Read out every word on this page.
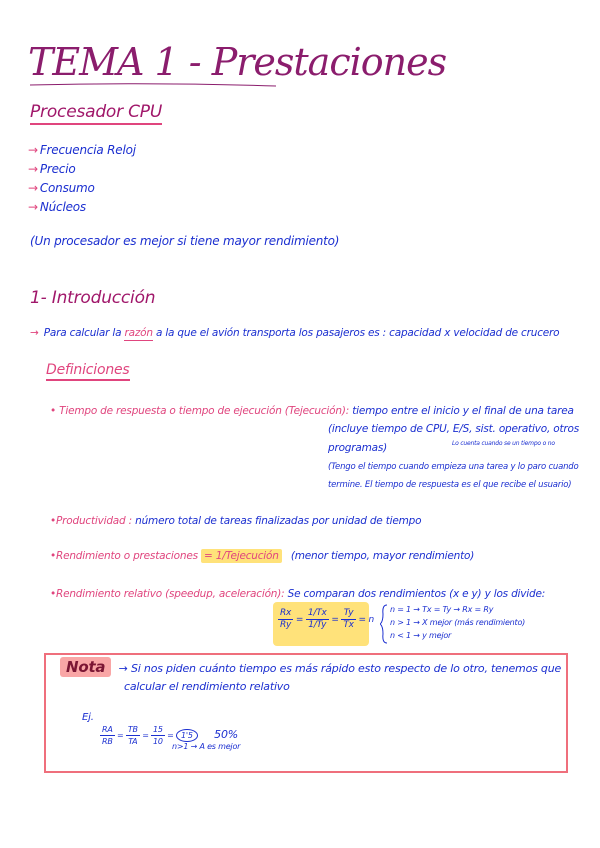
TEMA 1 - Prestaciones
Procesador CPU
→ Frecuencia Reloj
→ Precio
→ Consumo
→ Núcleos
(Un procesador es mejor si tiene mayor rendimiento)
1- Introducción
→ Para calcular la razón a la que el avión transporta los pasajeros es : capacidad x velocidad de crucero
Definiciones
• Tiempo de respuesta o tiempo de ejecución (Tejecución): tiempo entre el inicio y el final de una tarea
(incluye tiempo de CPU, E/S, sist. operativo, otros
programas)	Lo cuenta cuando se un tiempo o no
(Tengo el tiempo cuando empieza una tarea y lo paro cuando
termine. El tiempo de respuesta es el que recibe el usuario)
•Productividad : número total de tareas finalizadas por unidad de tiempo
•Rendimiento o prestaciones = 1/Tejecución (menor tiempo, mayor rendimiento)
•Rendimiento relativo (speedup, aceleración): Se comparan dos rendimientos (x e y) y los divide:
$\frac{Rx}{Ry} = \frac{1/Tx}{1/Ty} = \frac{Ty}{Tx} = n$
n = 1 → Tx = Ty → Rx = Ry
n > 1 → X mejor (más rendimiento)
n < 1 → y mejor
Nota → Si nos piden cuánto tiempo es más rápido esto respecto de lo otro, tenemos que
calcular el rendimiento relativo
Ej.
$\frac{RA}{RB} = \frac{TB}{TA} = \frac{15}{10} = 1'5$ 50%
n>1 → A es mejor
